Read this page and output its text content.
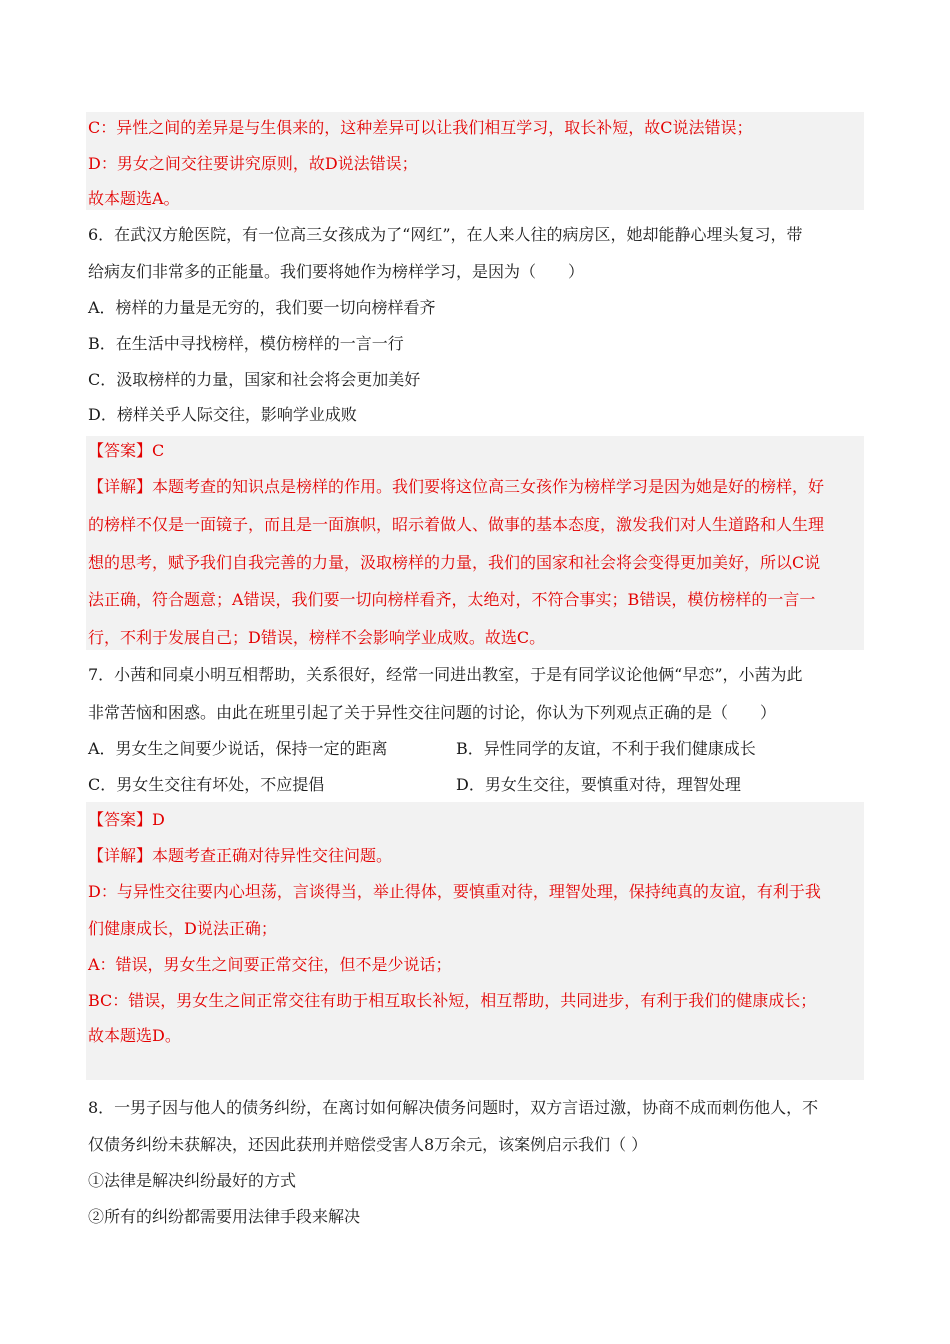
C：异性之间的差异是与生俱来的，这种差异可以让我们相互学习，取长补短，故C说法错误；
D：男女之间交往要讲究原则，故D说法错误；
故本题选A。
6．在武汉方舱医院，有一位高三女孩成为了“网红”，在人来人往的病房区，她却能静心埋头复习，带
给病友们非常多的正能量。我们要将她作为榜样学习，是因为（　　）
A．榜样的力量是无穷的，我们要一切向榜样看齐
B．在生活中寻找榜样，模仿榜样的一言一行
C．汲取榜样的力量，国家和社会将会更加美好
D．榜样关乎人际交往，影响学业成败
【答案】C
【详解】本题考查的知识点是榜样的作用。我们要将这位高三女孩作为榜样学习是因为她是好的榜样，好
的榜样不仅是一面镜子，而且是一面旗帜，昭示着做人、做事的基本态度，激发我们对人生道路和人生理
想的思考，赋予我们自我完善的力量，汲取榜样的力量，我们的国家和社会将会变得更加美好，所以C说
法正确，符合题意；A错误，我们要一切向榜样看齐，太绝对，不符合事实；B错误，模仿榜样的一言一
行，不利于发展自己；D错误，榜样不会影响学业成败。故选C。
7．小茜和同桌小明互相帮助，关系很好，经常一同进出教室，于是有同学议论他俩“早恋”，小茜为此
非常苦恼和困惑。由此在班里引起了关于异性交往问题的讨论，你认为下列观点正确的是（　　）
A．男女生之间要少说话，保持一定的距离	B．异性同学的友谊，不利于我们健康成长
C．男女生交往有坏处，不应提倡	D．男女生交往，要慎重对待，理智处理
【答案】D
【详解】本题考查正确对待异性交往问题。
D：与异性交往要内心坦荡，言谈得当，举止得体，要慎重对待，理智处理，保持纯真的友谊，有利于我
们健康成长，D说法正确；
A：错误，男女生之间要正常交往，但不是少说话；
BC：错误，男女生之间正常交往有助于相互取长补短，相互帮助，共同进步，有利于我们的健康成长；
故本题选D。
8．一男子因与他人的债务纠纷，在离讨如何解决债务问题时，双方言语过激，协商不成而刺伤他人，不
仅债务纠纷未获解决，还因此获刑并赔偿受害人8万余元，该案例启示我们（ ）
①法律是解决纠纷最好的方式
②所有的纠纷都需要用法律手段来解决
